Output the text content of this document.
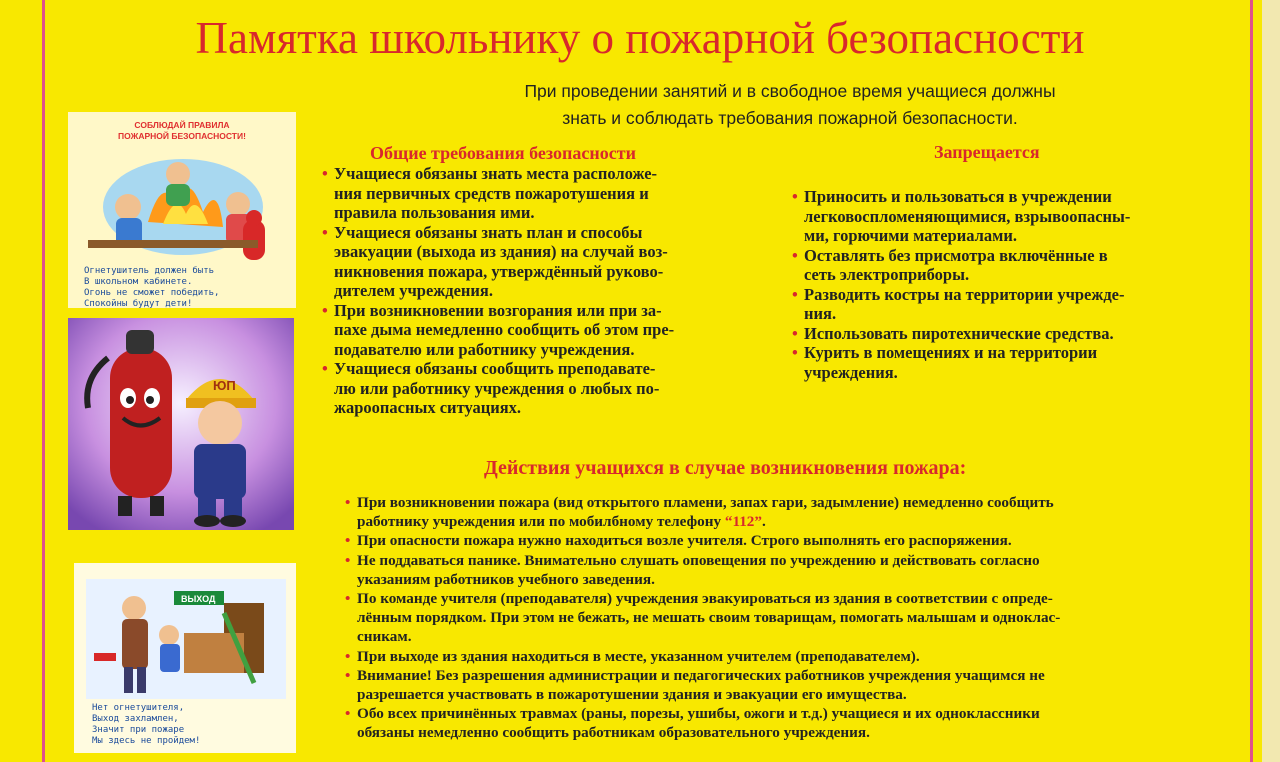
Памятка школьнику о пожарной безопасности
При проведении занятий и в свободное время учащиеся должны
знать и соблюдать требования пожарной безопасности.
СОБЛЮДАЙ ПРАВИЛА
ПОЖАРНОЙ БЕЗОПАСНОСТИ!
Огнетушитель должен быть
В школьном кабинете.
Огонь не сможет победить,
Спокойны будут дети!
ЮП
ВЫХОД
Нет огнетушителя,
Выход захламлен,
Значит при пожаре
Мы здесь не пройдем!
Общие требования безопасности
• Учащиеся обязаны знать места расположе-
ния первичных средств пожаротушения и
правила пользования ими.
• Учащиеся обязаны знать план и способы
эвакуации (выхода из здания) на случай воз-
никновения пожара, утверждённый руково-
дителем учреждения.
• При возникновении возгорания или при за-
пахе дыма немедленно сообщить об этом пре-
подавателю или работнику учреждения.
• Учащиеся обязаны сообщить преподавате-
лю или работнику учреждения о любых по-
жароопасных ситуациях.
Запрещается
• Приносить и пользоваться в учреждении
легковоспломеняющимися, взрывоопасны-
ми, горючими материалами.
• Оставлять без присмотра включённые в
сеть электроприборы.
• Разводить костры на территории учрежде-
ния.
• Использовать пиротехнические средства.
• Курить в помещениях и на территории
учреждения.
Действия учащихся в случае возникновения пожара:
• При возникновении пожара (вид открытого пламени, запах гари, задымление) немедленно сообщить
работнику учреждения или по мобилбному телефону “112”.
• При опасности пожара нужно находиться возле учителя. Строго выполнять его распоряжения.
• Не поддаваться панике. Внимательно слушать оповещения по учреждению и действовать согласно
указаниям работников учебного заведения.
• По команде учителя (преподавателя) учреждения эвакуироваться из здания в соответствии с опреде-
лённым порядком. При этом не бежать, не мешать своим товарищам, помогать малышам и однoклас-
сникам.
• При выходе из здания находиться в месте, указанном учителем (преподавателем).
• Внимание! Без разрешения администрации и педагогических работников учреждения учащимся не
разрешается участвовать в пожаротушении здания и эвакуации его имущества.
• Обо всех причинённых травмах (раны, порезы, ушибы, ожоги и т.д.) учащиеся и их одноклассники
обязаны немедленно сообщить работникам образовательного учреждения.
